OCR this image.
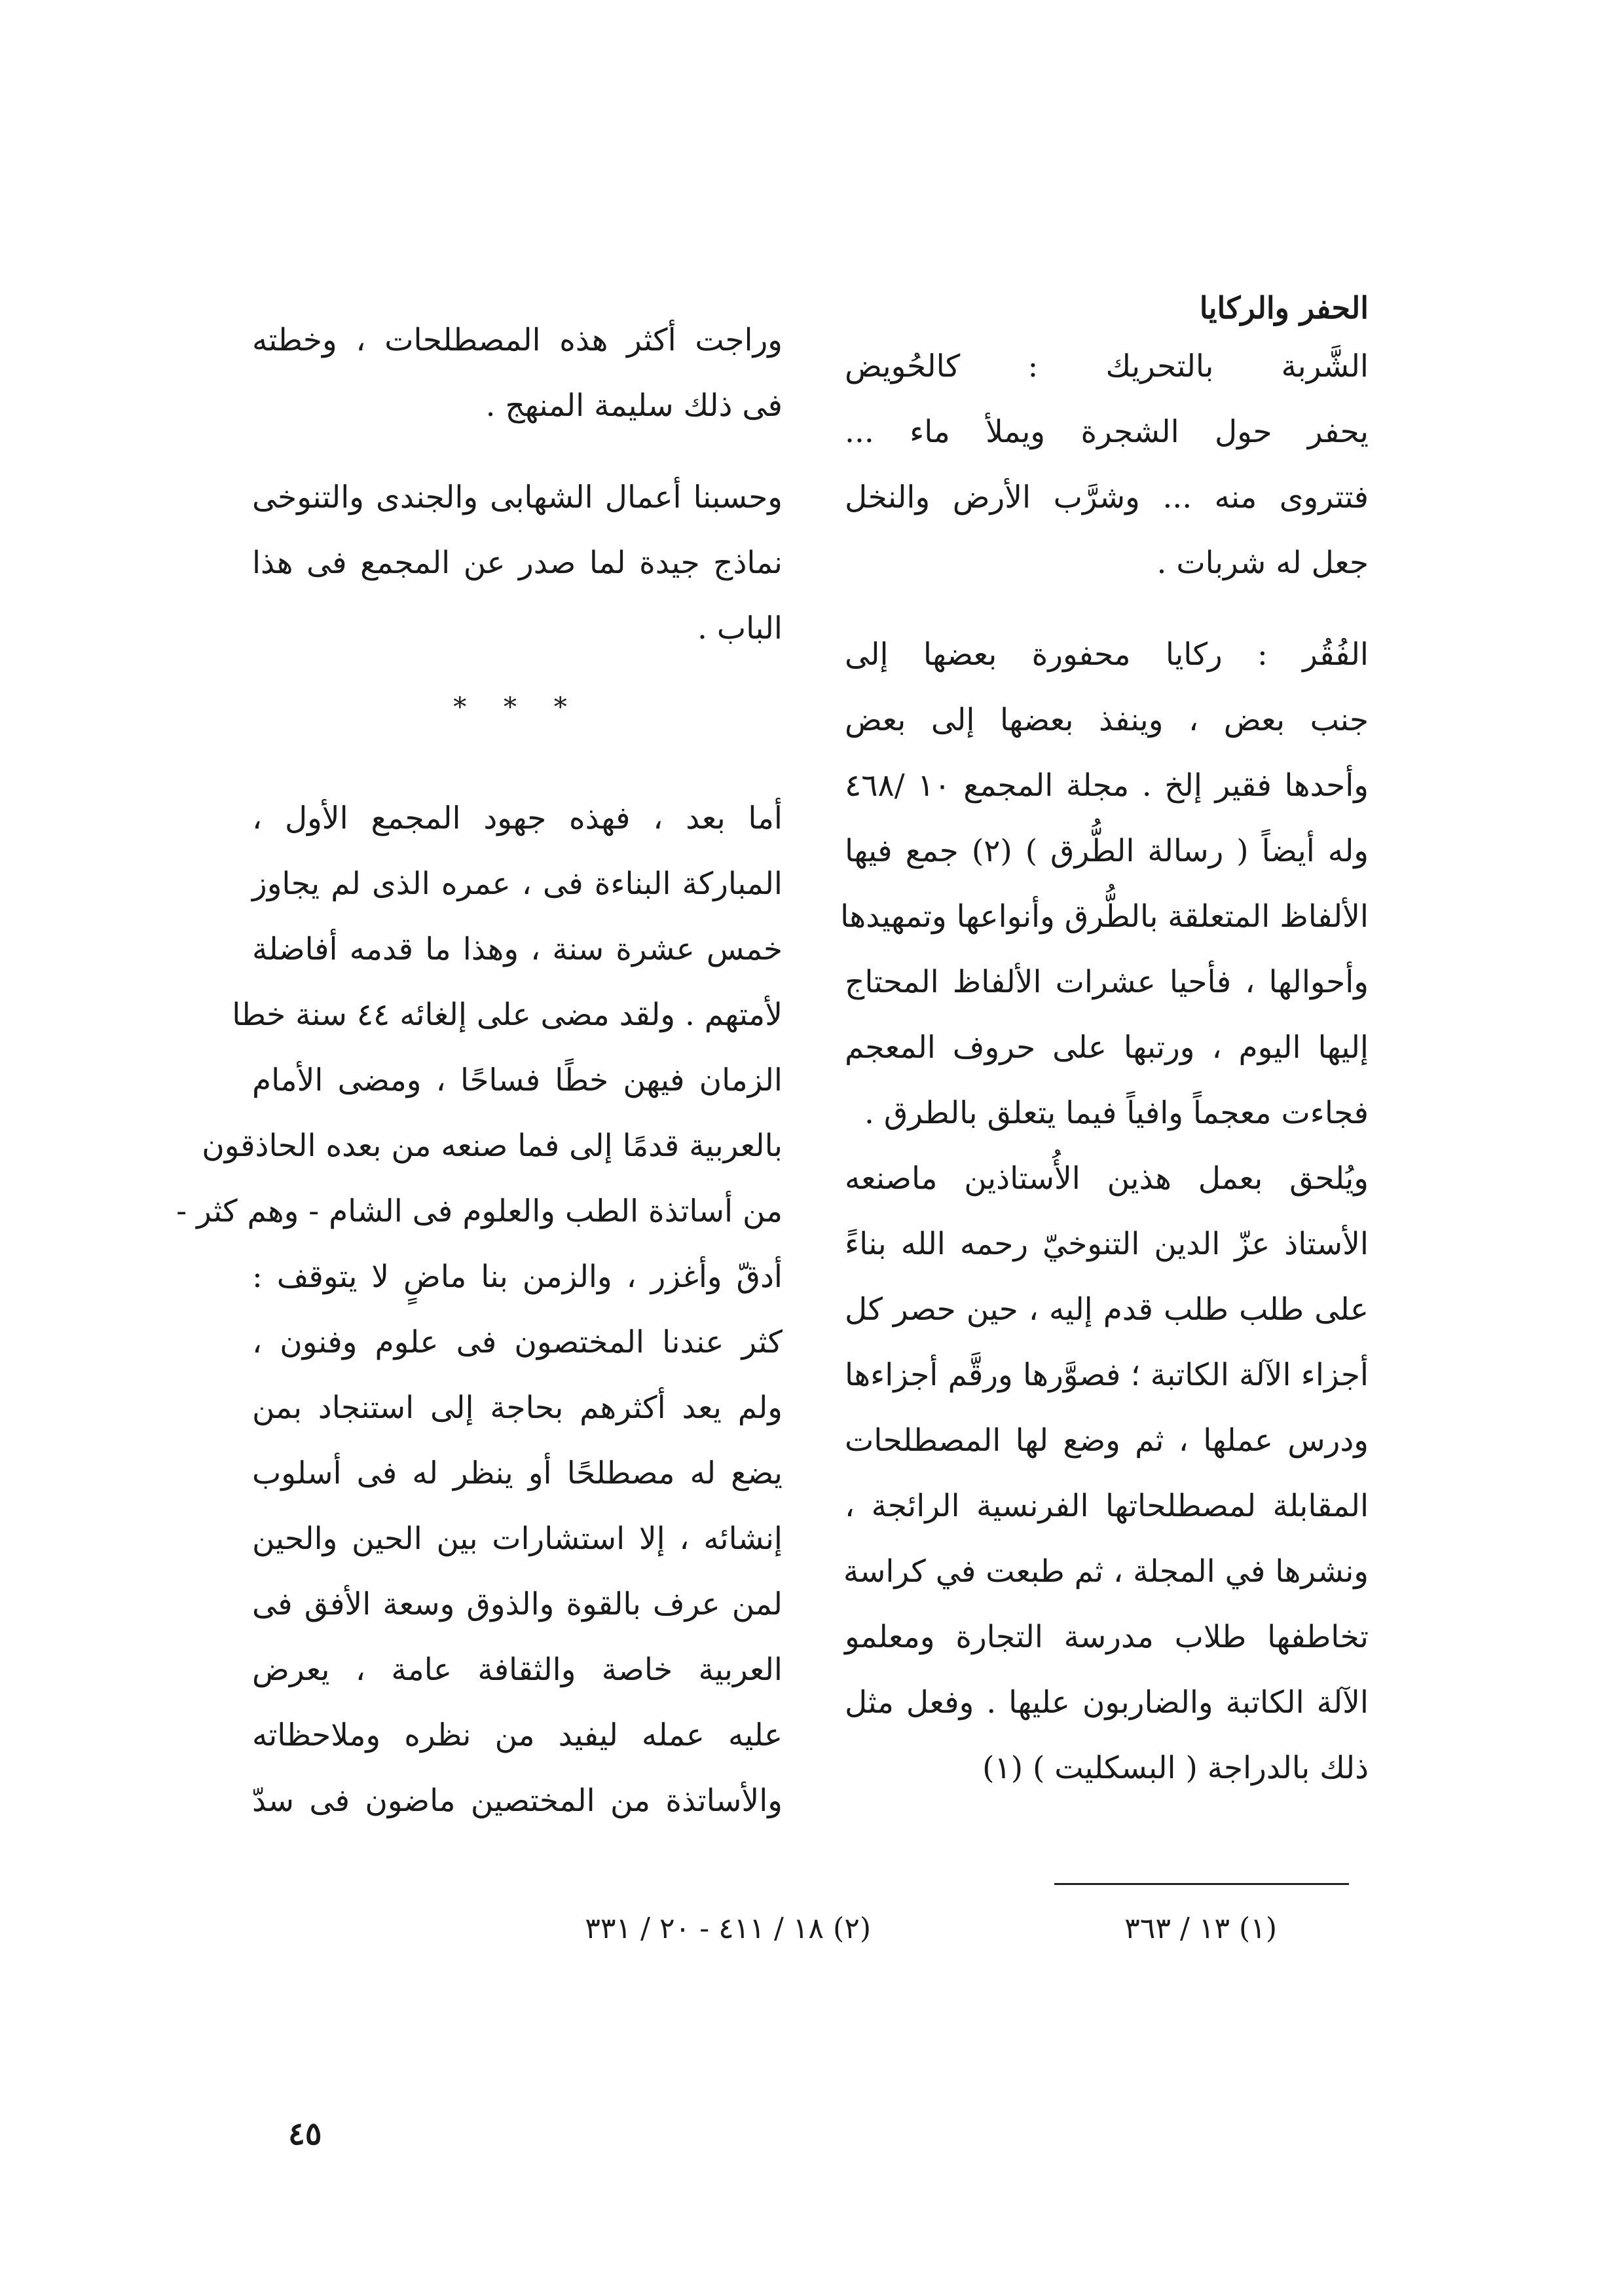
الحفر والركايا
الشَّربة بالتحريك : كالحُويض
يحفر حول الشجرة ويملأ ماء ...
فتتروى منه ... وشرَّب الأرض والنخل
جعل له شربات .
الفُقُر : ركايا محفورة بعضها إلى
جنب بعض ، وينفذ بعضها إلى بعض
وأحدها فقير إلخ . مجلة المجمع ١٠ /٤٦٨
وله أيضاً ( رسالة الطُّرق ) (٢) جمع فيها
الألفاظ المتعلقة بالطُّرق وأنواعها وتمهيدها
وأحوالها ، فأحيا عشرات الألفاظ المحتاج
إليها اليوم ، ورتبها على حروف المعجم
فجاءت معجماً وافياً فيما يتعلق بالطرق .
ويُلحق بعمل هذين الأُستاذين ماصنعه
الأستاذ عزّ الدين التنوخيّ رحمه الله بناءً
على طلب طلب قدم إليه ، حين حصر كل
أجزاء الآلة الكاتبة ؛ فصوَّرها ورقَّم أجزاءها
ودرس عملها ، ثم وضع لها المصطلحات
المقابلة لمصطلحاتها الفرنسية الرائجة ،
ونشرها في المجلة ، ثم طبعت في كراسة
تخاطفها طلاب مدرسة التجارة ومعلمو
الآلة الكاتبة والضاربون عليها . وفعل مثل
ذلك بالدراجة ( البسكليت ) (١)
وراجت أكثر هذه المصطلحات ، وخطته
فى ذلك سليمة المنهج .
وحسبنا أعمال الشهابى والجندى والتنوخى
نماذج جيدة لما صدر عن المجمع فى هذا
الباب .
* * *
أما بعد ، فهذه جهود المجمع الأول ،
المباركة البناءة فى ، عمره الذى لم يجاوز
خمس عشرة سنة ، وهذا ما قدمه أفاضلة
لأمتهم . ولقد مضى على إلغائه ٤٤ سنة خطا
الزمان فيهن خطًا فساحًا ، ومضى الأمام
بالعربية قدمًا إلى فما صنعه من بعده الحاذقون
من أساتذة الطب والعلوم فى الشام - وهم كثر -
أدقّ وأغزر ، والزمن بنا ماضٍ لا يتوقف :
كثر عندنا المختصون فى علوم وفنون ،
ولم يعد أكثرهم بحاجة إلى استنجاد بمن
يضع له مصطلحًا أو ينظر له فى أسلوب
إنشائه ، إلا استشارات بين الحين والحين
لمن عرف بالقوة والذوق وسعة الأفق فى
العربية خاصة والثقافة عامة ، يعرض
عليه عمله ليفيد من نظره وملاحظاته
والأساتذة من المختصين ماضون فى سدّ
(١) ١٣ / ٣٦٣
(٢) ١٨ / ٤١١ - ٢٠ / ٣٣١
٤٥
